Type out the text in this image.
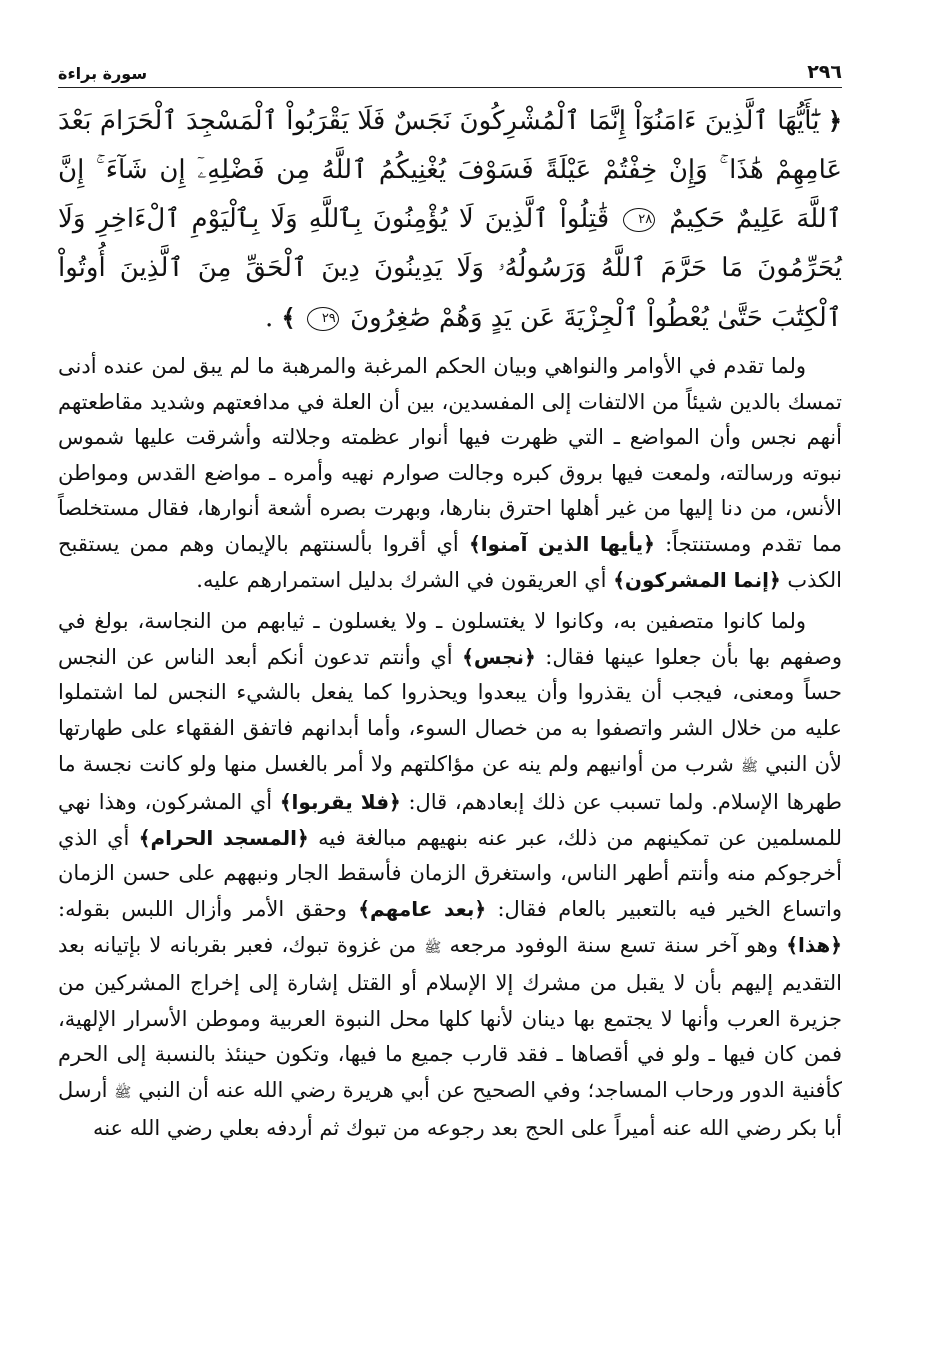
٢٩٦
سورة براءة
﴿ يَٰٓأَيُّهَا ٱلَّذِينَ ءَامَنُوٓاْ إِنَّمَا ٱلْمُشْرِكُونَ نَجَسٌ فَلَا يَقْرَبُواْ ٱلْمَسْجِدَ ٱلْحَرَامَ بَعْدَ عَامِهِمْ هَٰذَا ۚ وَإِنْ خِفْتُمْ عَيْلَةً فَسَوْفَ يُغْنِيكُمُ ٱللَّهُ مِن فَضْلِهِۦٓ إِن شَآءَ ۚ إِنَّ ٱللَّهَ عَلِيمٌ حَكِيمٌ ٢٨ قَٰتِلُواْ ٱلَّذِينَ لَا يُؤْمِنُونَ بِٱللَّهِ وَلَا بِٱلْيَوْمِ ٱلْءَاخِرِ وَلَا يُحَرِّمُونَ مَا حَرَّمَ ٱللَّهُ وَرَسُولُهُۥ وَلَا يَدِينُونَ دِينَ ٱلْحَقِّ مِنَ ٱلَّذِينَ أُوتُواْ ٱلْكِتَٰبَ حَتَّىٰ يُعْطُواْ ٱلْجِزْيَةَ عَن يَدٍ وَهُمْ صَٰغِرُونَ ٢٩ ﴾ .

ولما تقدم في الأوامر والنواهي وبيان الحكم المرغبة والمرهبة ما لم يبق لمن عنده أدنى تمسك بالدين شيئاً من الالتفات إلى المفسدين، بين أن العلة في مدافعتهم وشديد مقاطعتهم أنهم نجس وأن المواضع ـ التي ظهرت فيها أنوار عظمته وجلالته وأشرقت عليها شموس نبوته ورسالته، ولمعت فيها بروق كبره وجالت صوارم نهيه وأمره ـ مواضع القدس ومواطن الأنس، من دنا إليها من غير أهلها احترق بنارها، وبهرت بصره أشعة أنوارها، فقال مستخلصاً مما تقدم ومستنتجاً: ﴿يأيها الذين آمنوا﴾ أي أقروا بألسنتهم بالإيمان وهم ممن يستقبح الكذب ﴿إنما المشركون﴾ أي العريقون في الشرك بدليل استمرارهم عليه.

ولما كانوا متصفين به، وكانوا لا يغتسلون ـ ولا يغسلون ـ ثيابهم من النجاسة، بولغ في وصفهم بها بأن جعلوا عينها فقال: ﴿نجس﴾ أي وأنتم تدعون أنكم أبعد الناس عن النجس حساً ومعنى، فيجب أن يقذروا وأن يبعدوا ويحذروا كما يفعل بالشيء النجس لما اشتملوا عليه من خلال الشر واتصفوا به من خصال السوء، وأما أبدانهم فاتفق الفقهاء على طهارتها لأن النبي ﷺ شرب من أوانيهم ولم ينه عن مؤاكلتهم ولا أمر بالغسل منها ولو كانت نجسة ما طهرها الإسلام. ولما تسبب عن ذلك إبعادهم، قال: ﴿فلا يقربوا﴾ أي المشركون، وهذا نهي للمسلمين عن تمكينهم من ذلك، عبر عنه بنهيهم مبالغة فيه ﴿المسجد الحرام﴾ أي الذي أخرجوكم منه وأنتم أطهر الناس، واستغرق الزمان فأسقط الجار ونبههم على حسن الزمان واتساع الخير فيه بالتعبير بالعام فقال: ﴿بعد عامهم﴾ وحقق الأمر وأزال اللبس بقوله: ﴿هذا﴾ وهو آخر سنة تسع سنة الوفود مرجعه ﷺ من غزوة تبوك، فعبر بقربانه لا بإتيانه بعد التقديم إليهم بأن لا يقبل من مشرك إلا الإسلام أو القتل إشارة إلى إخراج المشركين من جزيرة العرب وأنها لا يجتمع بها دينان لأنها كلها محل النبوة العربية وموطن الأسرار الإلهية، فمن كان فيها ـ ولو في أقصاها ـ فقد قارب جميع ما فيها، وتكون حينئذ بالنسبة إلى الحرم كأفنية الدور ورحاب المساجد؛ وفي الصحيح عن أبي هريرة رضي الله عنه أن النبي ﷺ أرسل أبا بكر رضي الله عنه أميراً على الحج بعد رجوعه من تبوك ثم أردفه بعلي رضي الله عنه
